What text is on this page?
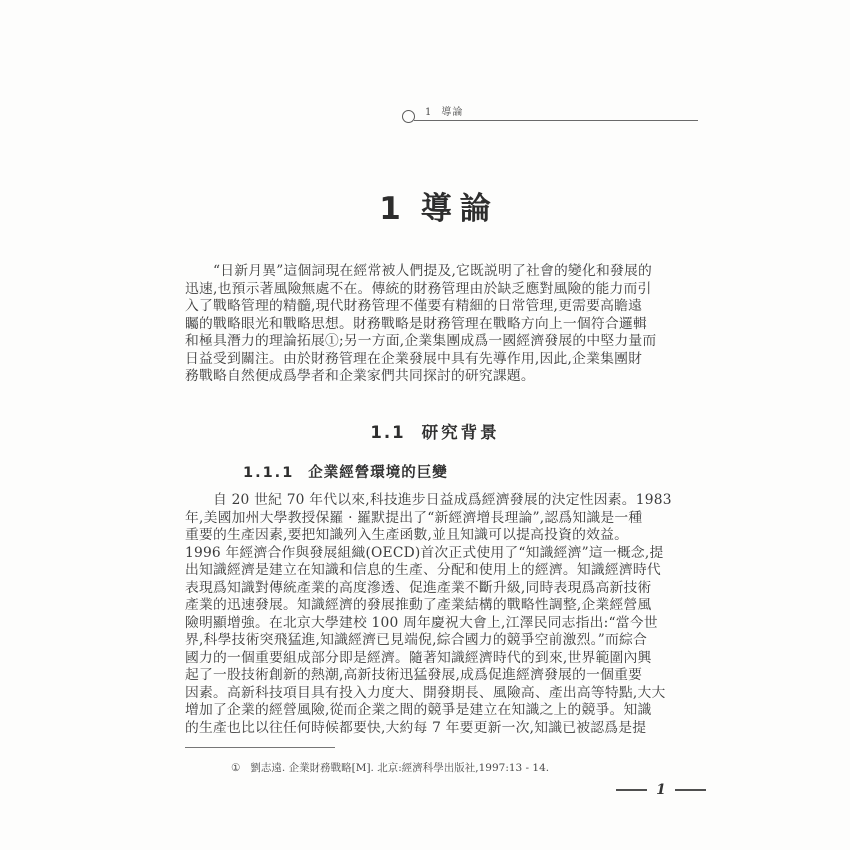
1 導論
1 導論
“日新月異”這個詞現在經常被人們提及,它既説明了社會的變化和發展的
迅速,也預示著風險無處不在。傳統的財務管理由於缺乏應對風險的能力而引
入了戰略管理的精髓,現代財務管理不僅要有精細的日常管理,更需要高瞻遠
矚的戰略眼光和戰略思想。財務戰略是財務管理在戰略方向上一個符合邏輯
和極具潛力的理論拓展①;另一方面,企業集團成爲一國經濟發展的中堅力量而
日益受到關注。由於財務管理在企業發展中具有先導作用,因此,企業集團財
務戰略自然便成爲學者和企業家們共同探討的研究課題。
1.1 研究背景
1.1.1 企業經營環境的巨變
自 20 世紀 70 年代以來,科技進步日益成爲經濟發展的決定性因素。1983
年,美國加州大學教授保羅 · 羅默提出了“新經濟增長理論”,認爲知識是一種
重要的生產因素,要把知識列入生產函數,並且知識可以提高投資的效益。
1996 年經濟合作與發展組織(OECD)首次正式使用了“知識經濟”這一概念,提
出知識經濟是建立在知識和信息的生產、分配和使用上的經濟。知識經濟時代
表現爲知識對傳統產業的高度滲透、促進產業不斷升級,同時表現爲高新技術
產業的迅速發展。知識經濟的發展推動了產業結構的戰略性調整,企業經營風
險明顯增強。在北京大學建校 100 周年慶祝大會上,江澤民同志指出:“當今世
界,科學技術突飛猛進,知識經濟已見端倪,綜合國力的競爭空前激烈。”而綜合
國力的一個重要組成部分即是經濟。隨著知識經濟時代的到來,世界範圍內興
起了一股技術創新的熱潮,高新技術迅猛發展,成爲促進經濟發展的一個重要
因素。高新科技項目具有投入力度大、開發期長、風險高、產出高等特點,大大
增加了企業的經營風險,從而企業之間的競爭是建立在知識之上的競爭。知識
的生產也比以往任何時候都要快,大約每 7 年要更新一次,知識已被認爲是提
① 劉志遠. 企業財務戰略[M]. 北京:經濟科學出版社,1997:13 - 14.
1
